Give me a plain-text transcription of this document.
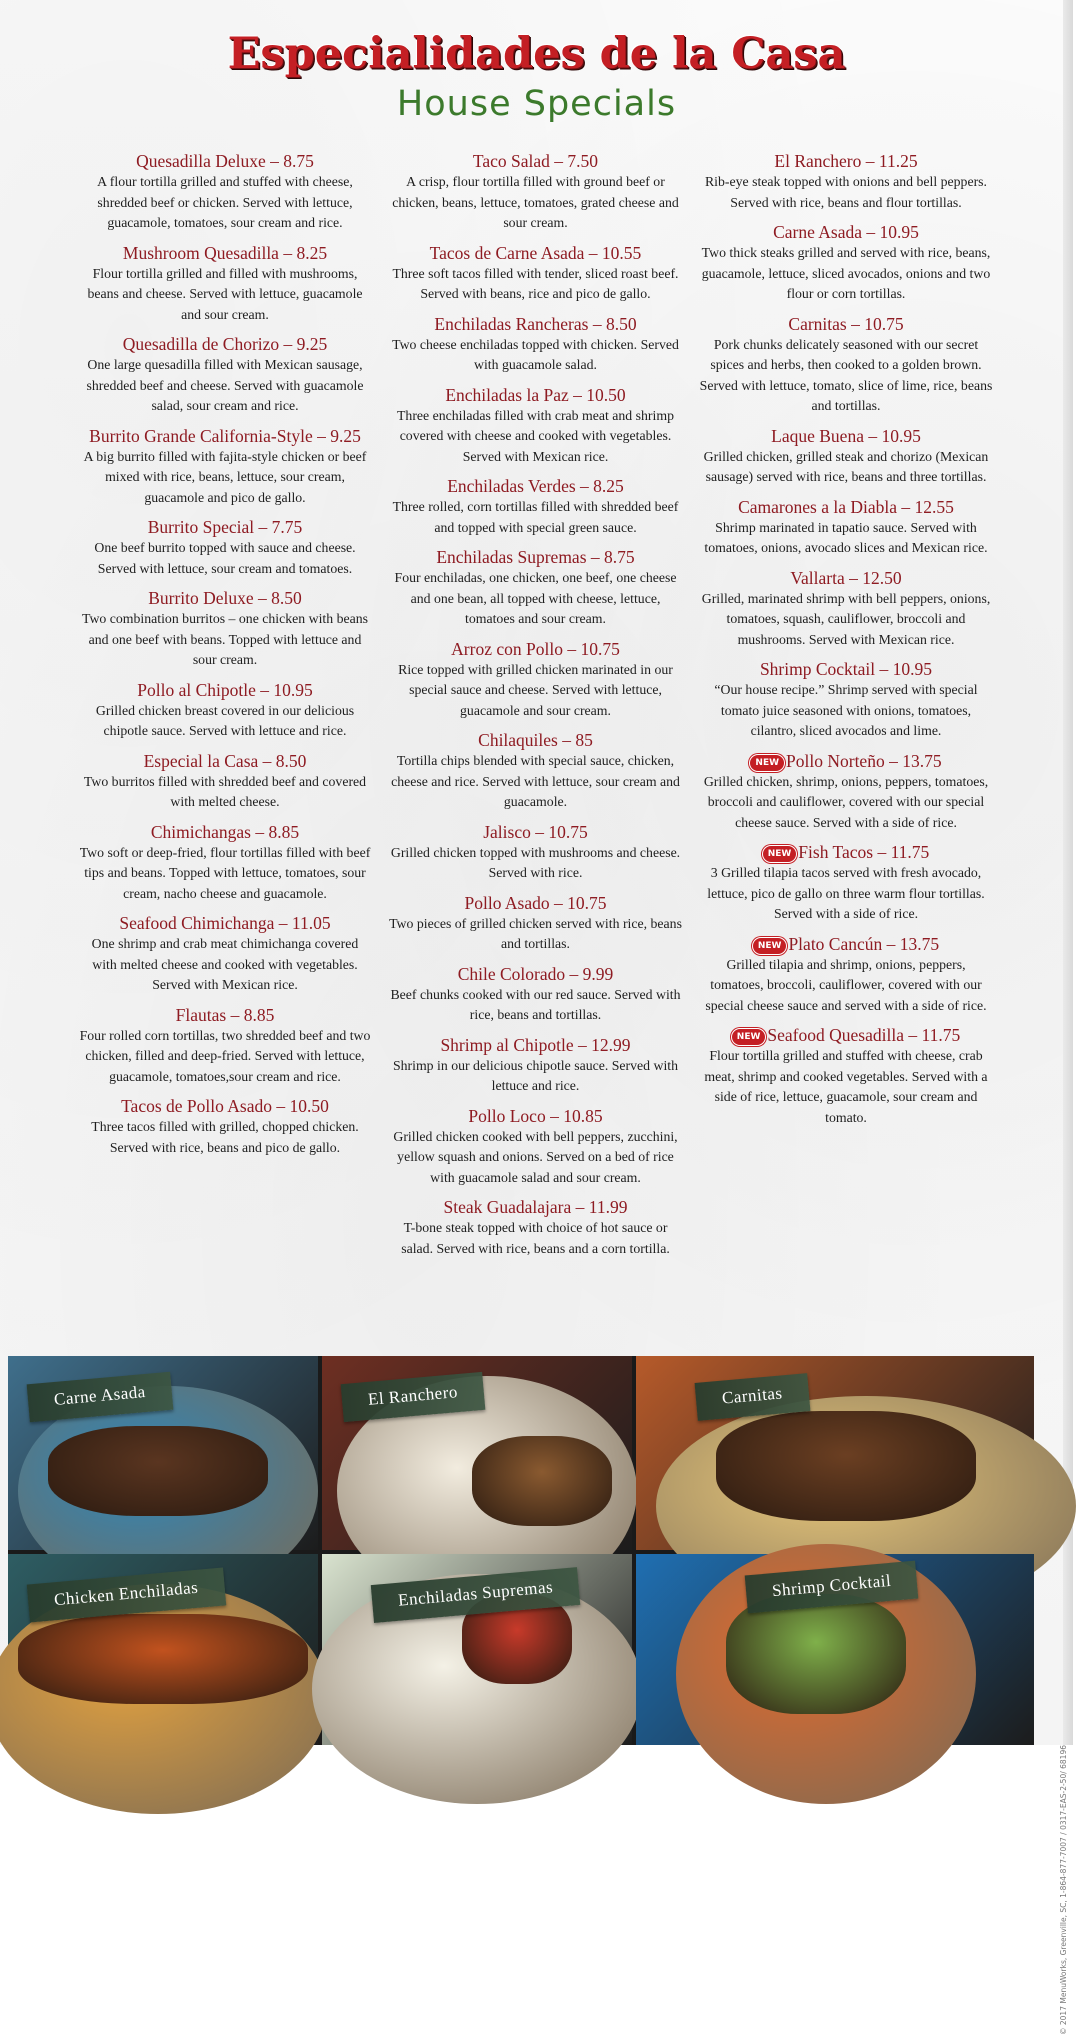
Especialidades de la Casa
House Specials
Quesadilla Deluxe – 8.75
A flour tortilla grilled and stuffed with cheese, shredded beef or chicken. Served with lettuce, guacamole, tomatoes, sour cream and rice.
Mushroom Quesadilla – 8.25
Flour tortilla grilled and filled with mushrooms, beans and cheese. Served with lettuce, guacamole and sour cream.
Quesadilla de Chorizo – 9.25
One large quesadilla filled with Mexican sausage, shredded beef and cheese. Served with guacamole salad, sour cream and rice.
Burrito Grande California-Style – 9.25
A big burrito filled with fajita-style chicken or beef mixed with rice, beans, lettuce, sour cream, guacamole and pico de gallo.
Burrito Special – 7.75
One beef burrito topped with sauce and cheese. Served with lettuce, sour cream and tomatoes.
Burrito Deluxe – 8.50
Two combination burritos – one chicken with beans and one beef with beans. Topped with lettuce and sour cream.
Pollo al Chipotle – 10.95
Grilled chicken breast covered in our delicious chipotle sauce. Served with lettuce and rice.
Especial la Casa – 8.50
Two burritos filled with shredded beef and covered with melted cheese.
Chimichangas – 8.85
Two soft or deep-fried, flour tortillas filled with beef tips and beans. Topped with lettuce, tomatoes, sour cream, nacho cheese and guacamole.
Seafood Chimichanga – 11.05
One shrimp and crab meat chimichanga covered with melted cheese and cooked with vegetables. Served with Mexican rice.
Flautas – 8.85
Four rolled corn tortillas, two shredded beef and two chicken, filled and deep-fried. Served with lettuce, guacamole, tomatoes,sour cream and rice.
Tacos de Pollo Asado – 10.50
Three tacos filled with grilled, chopped chicken. Served with rice, beans and pico de gallo.
Taco Salad – 7.50
A crisp, flour tortilla filled with ground beef or chicken, beans, lettuce, tomatoes, grated cheese and sour cream.
Tacos de Carne Asada – 10.55
Three soft tacos filled with tender, sliced roast beef. Served with beans, rice and pico de gallo.
Enchiladas Rancheras – 8.50
Two cheese enchiladas topped with chicken. Served with guacamole salad.
Enchiladas la Paz – 10.50
Three enchiladas filled with crab meat and shrimp covered with cheese and cooked with vegetables. Served with Mexican rice.
Enchiladas Verdes – 8.25
Three rolled, corn tortillas filled with shredded beef and topped with special green sauce.
Enchiladas Supremas – 8.75
Four enchiladas, one chicken, one beef, one cheese and one bean, all topped with cheese, lettuce, tomatoes and sour cream.
Arroz con Pollo – 10.75
Rice topped with grilled chicken marinated in our special sauce and cheese. Served with lettuce, guacamole and sour cream.
Chilaquiles – 85
Tortilla chips blended with special sauce, chicken, cheese and rice. Served with lettuce, sour cream and guacamole.
Jalisco – 10.75
Grilled chicken topped with mushrooms and cheese. Served with rice.
Pollo Asado – 10.75
Two pieces of grilled chicken served with rice, beans and tortillas.
Chile Colorado – 9.99
Beef chunks cooked with our red sauce. Served with rice, beans and tortillas.
Shrimp al Chipotle – 12.99
Shrimp in our delicious chipotle sauce. Served with lettuce and rice.
Pollo Loco – 10.85
Grilled chicken cooked with bell peppers, zucchini, yellow squash and onions. Served on a bed of rice with guacamole salad and sour cream.
Steak Guadalajara – 11.99
T-bone steak topped with choice of hot sauce or salad. Served with rice, beans and a corn tortilla.
El Ranchero – 11.25
Rib-eye steak topped with onions and bell peppers. Served with rice, beans and flour tortillas.
Carne Asada – 10.95
Two thick steaks grilled and served with rice, beans, guacamole, lettuce, sliced avocados, onions and two flour or corn tortillas.
Carnitas – 10.75
Pork chunks delicately seasoned with our secret spices and herbs, then cooked to a golden brown. Served with lettuce, tomato, slice of lime, rice, beans and tortillas.
Laque Buena – 10.95
Grilled chicken, grilled steak and chorizo (Mexican sausage) served with rice, beans and three tortillas.
Camarones a la Diabla – 12.55
Shrimp marinated in tapatio sauce. Served with tomatoes, onions, avocado slices and Mexican rice.
Vallarta – 12.50
Grilled, marinated shrimp with bell peppers, onions, tomatoes, squash, cauliflower, broccoli and mushrooms. Served with Mexican rice.
Shrimp Cocktail – 10.95
“Our house recipe.” Shrimp served with special tomato juice seasoned with onions, tomatoes, cilantro, sliced avocados and lime.
NEW Pollo Norteño – 13.75
Grilled chicken, shrimp, onions, peppers, tomatoes, broccoli and cauliflower, covered with our special cheese sauce. Served with a side of rice.
NEW Fish Tacos – 11.75
3 Grilled tilapia tacos served with fresh avocado, lettuce, pico de gallo on three warm flour tortillas. Served with a side of rice.
NEW Plato Cancún – 13.75
Grilled tilapia and shrimp, onions, peppers, tomatoes, broccoli, cauliflower, covered with our special cheese sauce and served with a side of rice.
NEW Seafood Quesadilla – 11.75
Flour tortilla grilled and stuffed with cheese, crab meat, shrimp and cooked vegetables. Served with a side of rice, lettuce, guacamole, sour cream and tomato.
Carne Asada	El Ranchero	Carnitas
Chicken Enchiladas	Enchiladas Supremas	Shrimp Cocktail
© 2017 MenuWorks, Greenville, SC, 1-864-877-7007 / 0317-EAS-2-50/ 68196
